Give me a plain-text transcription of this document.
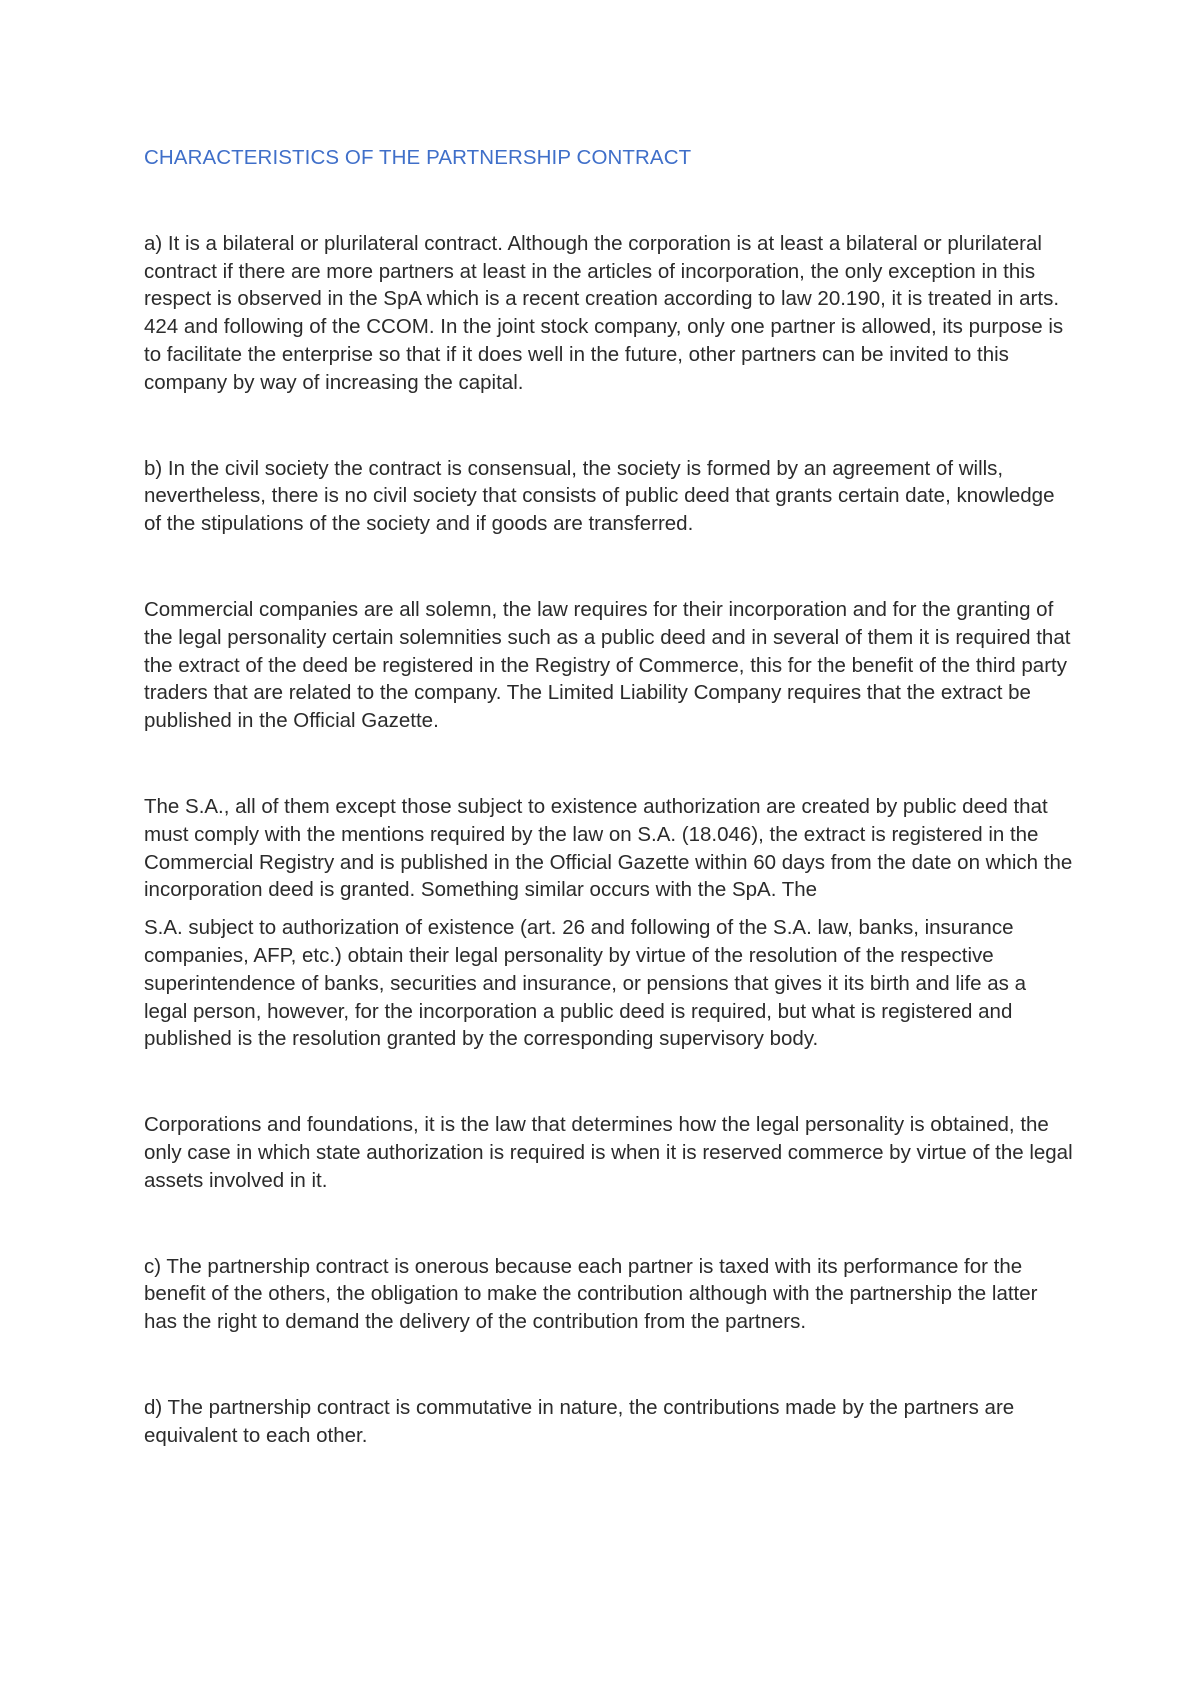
CHARACTERISTICS OF THE PARTNERSHIP CONTRACT

a) It is a bilateral or plurilateral contract. Although the corporation is at least a bilateral or plurilateral contract if there are more partners at least in the articles of incorporation, the only exception in this respect is observed in the SpA which is a recent creation according to law 20.190, it is treated in arts. 424 and following of the CCOM. In the joint stock company, only one partner is allowed, its purpose is to facilitate the enterprise so that if it does well in the future, other partners can be invited to this company by way of increasing the capital.

b) In the civil society the contract is consensual, the society is formed by an agreement of wills, nevertheless, there is no civil society that consists of public deed that grants certain date, knowledge of the stipulations of the society and if goods are transferred.

Commercial companies are all solemn, the law requires for their incorporation and for the granting of the legal personality certain solemnities such as a public deed and in several of them it is required that the extract of the deed be registered in the Registry of Commerce, this for the benefit of the third party traders that are related to the company. The Limited Liability Company requires that the extract be published in the Official Gazette.

The S.A., all of them except those subject to existence authorization are created by public deed that must comply with the mentions required by the law on S.A. (18.046), the extract is registered in the Commercial Registry and is published in the Official Gazette within 60 days from the date on which the incorporation deed is granted. Something similar occurs with the SpA. The

S.A. subject to authorization of existence (art. 26 and following of the S.A. law, banks, insurance companies, AFP, etc.) obtain their legal personality by virtue of the resolution of the respective superintendence of banks, securities and insurance, or pensions that gives it its birth and life as a legal person, however, for the incorporation a public deed is required, but what is registered and published is the resolution granted by the corresponding supervisory body.

Corporations and foundations, it is the law that determines how the legal personality is obtained, the only case in which state authorization is required is when it is reserved commerce by virtue of the legal assets involved in it.

c) The partnership contract is onerous because each partner is taxed with its performance for the benefit of the others, the obligation to make the contribution although with the partnership the latter has the right to demand the delivery of the contribution from the partners.

d) The partnership contract is commutative in nature, the contributions made by the partners are equivalent to each other.
